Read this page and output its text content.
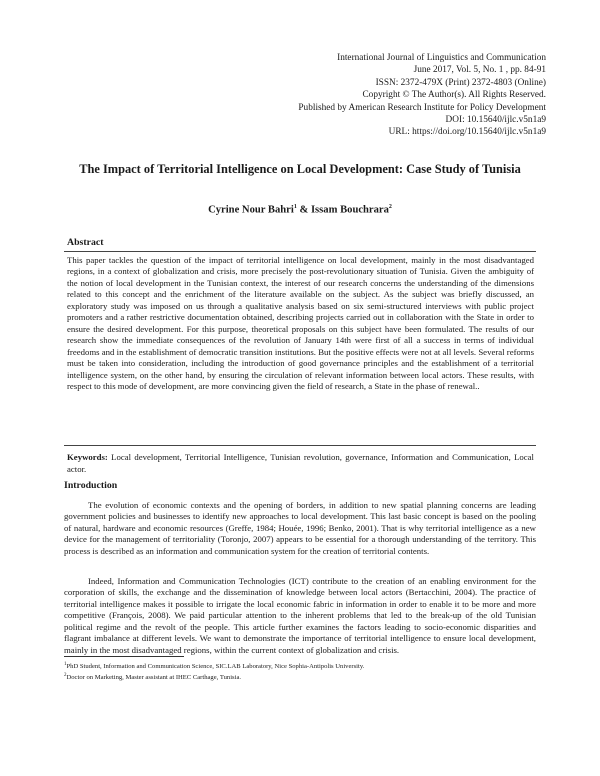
International Journal of Linguistics and Communication
June 2017, Vol. 5, No. 1 , pp. 84-91
ISSN: 2372-479X (Print) 2372-4803 (Online)
Copyright © The Author(s). All Rights Reserved.
Published by American Research Institute for Policy Development
DOI: 10.15640/ijlc.v5n1a9
URL: https://doi.org/10.15640/ijlc.v5n1a9
The Impact of Territorial Intelligence on Local Development: Case Study of Tunisia
Cyrine Nour Bahri$^1$ & Issam Bouchrara$^2$
Abstract
This paper tackles the question of the impact of territorial intelligence on local development, mainly in the most disadvantaged regions, in a context of globalization and crisis, more precisely the post-revolutionary situation of Tunisia. Given the ambiguity of the notion of local development in the Tunisian context, the interest of our research concerns the understanding of the dimensions related to this concept and the enrichment of the literature available on the subject. As the subject was briefly discussed, an exploratory study was imposed on us through a qualitative analysis based on six semi-structured interviews with public project promoters and a rather restrictive documentation obtained, describing projects carried out in collaboration with the State in order to ensure the desired development. For this purpose, theoretical proposals on this subject have been formulated. The results of our research show the immediate consequences of the revolution of January 14th were first of all a success in terms of individual freedoms and in the establishment of democratic transition institutions. But the positive effects were not at all levels. Several reforms must be taken into consideration, including the introduction of good governance principles and the establishment of a territorial intelligence system, on the other hand, by ensuring the circulation of relevant information between local actors. These results, with respect to this mode of development, are more convincing given the field of research, a State in the phase of renewal..
Keywords: Local development, Territorial Intelligence, Tunisian revolution, governance, Information and Communication, Local actor.
Introduction

The evolution of economic contexts and the opening of borders, in addition to new spatial planning concerns are leading government policies and businesses to identify new approaches to local development. This last basic concept is based on the pooling of natural, hardware and economic resources (Greffe, 1984; Houée, 1996; Benko, 2001). That is why territorial intelligence as a new device for the management of territoriality (Toronjo, 2007) appears to be essential for a thorough understanding of the territory. This process is described as an information and communication system for the creation of territorial contents.

Indeed, Information and Communication Technologies (ICT) contribute to the creation of an enabling environment for the corporation of skills, the exchange and the dissemination of knowledge between local actors (Bertacchini, 2004). The practice of territorial intelligence makes it possible to irrigate the local economic fabric in information in order to enable it to be more and more competitive (François, 2008). We paid particular attention to the inherent problems that led to the break-up of the old Tunisian political regime and the revolt of the people. This article further examines the factors leading to socio-economic disparities and flagrant imbalance at different levels. We want to demonstrate the importance of territorial intelligence to ensure local development, mainly in the most disadvantaged regions, within the current context of globalization and crisis.

$^1$PhD Student, Information and Communication Science, SIC.LAB Laboratory, Nice Sophia-Antipolis University.
$^2$Doctor on Marketing, Master assistant at IHEC Carthage, Tunisia.
